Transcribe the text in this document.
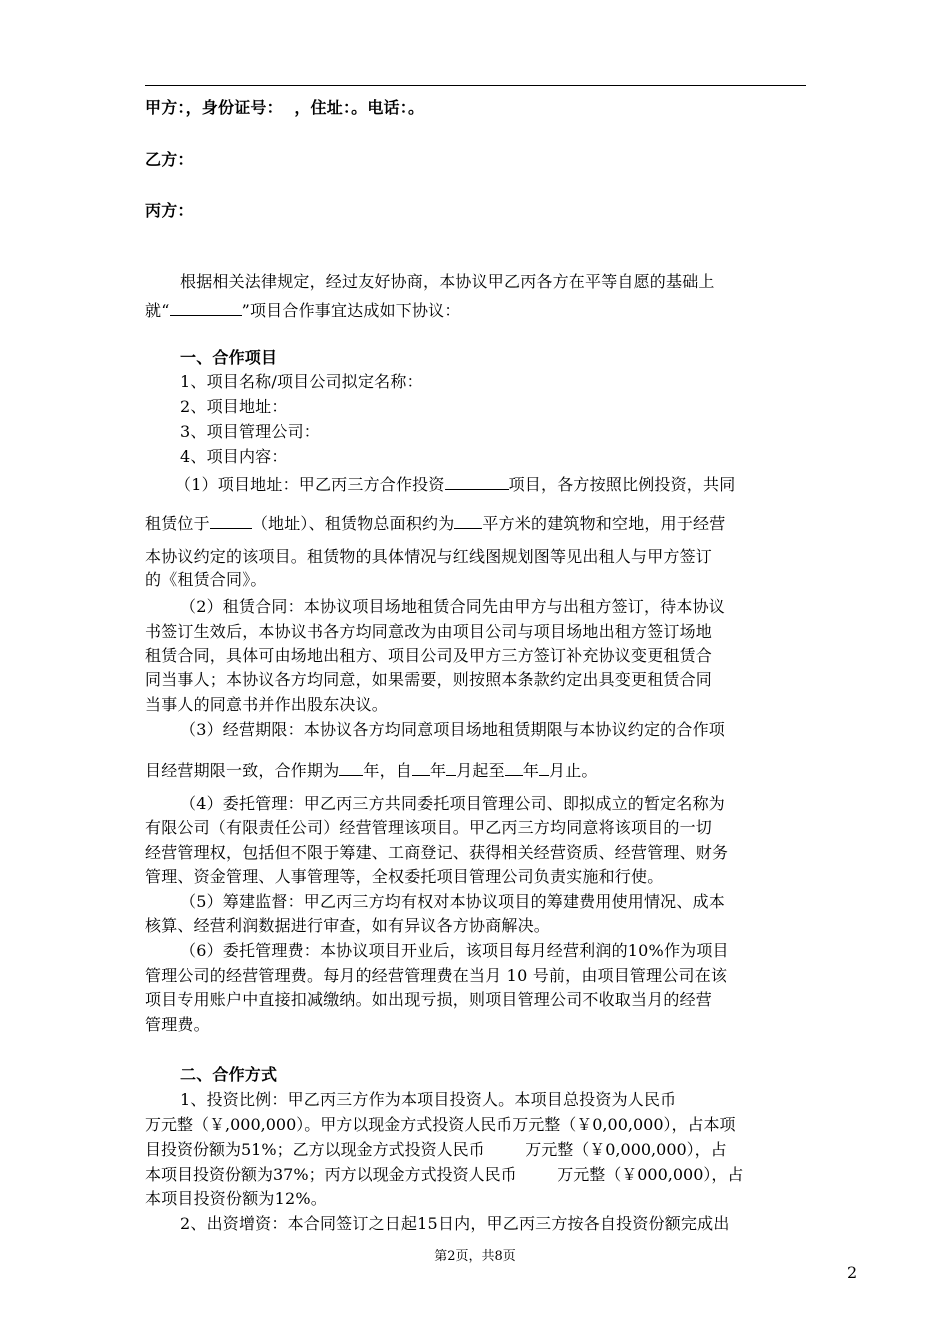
甲方：，身份证号：  ，住址：。电话：。
乙方：
丙方：
根据相关法律规定，经过友好协商，本协议甲乙丙各方在平等自愿的基础上
就“	”项目合作事宜达成如下协议：
一、合作项目
1、项目名称/项目公司拟定名称：
2、项目地址：
3、项目管理公司：
4、项目内容：
（1）项目地址：甲乙丙三方合作投资	项目，各方按照比例投资，共同
租赁位于	（地址）、租赁物总面积约为 平方米的建筑物和空地，用于经营
本协议约定的该项目。租赁物的具体情况与红线图规划图等见出租人与甲方签订
的《租赁合同》。
（2）租赁合同：本协议项目场地租赁合同先由甲方与出租方签订，待本协议
书签订生效后，本协议书各方均同意改为由项目公司与项目场地出租方签订场地
租赁合同，具体可由场地出租方、项目公司及甲方三方签订补充协议变更租赁合
同当事人；本协议各方均同意，如果需要，则按照本条款约定出具变更租赁合同
当事人的同意书并作出股东决议。
（3）经营期限：本协议各方均同意项目场地租赁期限与本协议约定的合作项
目经营期限一致，合作期为 年，自 年 月起至 年 月止。
（4）委托管理：甲乙丙三方共同委托项目管理公司、即拟成立的暂定名称为
有限公司（有限责任公司）经营管理该项目。甲乙丙三方均同意将该项目的一切
经营管理权，包括但不限于筹建、工商登记、获得相关经营资质、经营管理、财务
管理、资金管理、人事管理等，全权委托项目管理公司负责实施和行使。
（5）筹建监督：甲乙丙三方均有权对本协议项目的筹建费用使用情况、成本
核算、经营利润数据进行审查，如有异议各方协商解决。
（6）委托管理费：本协议项目开业后，该项目每月经营利润的10%作为项目
管理公司的经营管理费。每月的经营管理费在当月 10 号前，由项目管理公司在该
项目专用账户中直接扣减缴纳。如出现亏损，则项目管理公司不收取当月的经营
管理费。
二、合作方式
1、投资比例：甲乙丙三方作为本项目投资人。本项目总投资为人民币
万元整（￥,000,000）。甲方以现金方式投资人民币万元整（￥0,00,000），占本项
目投资份额为51%；乙方以现金方式投资人民币        万元整（￥0,000,000），占
本项目投资份额为37%；丙方以现金方式投资人民币        万元整（￥000,000），占
本项目投资份额为12%。
2、出资增资：本合同签订之日起15日内，甲乙丙三方按各自投资份额完成出
第2页，共8页
2
